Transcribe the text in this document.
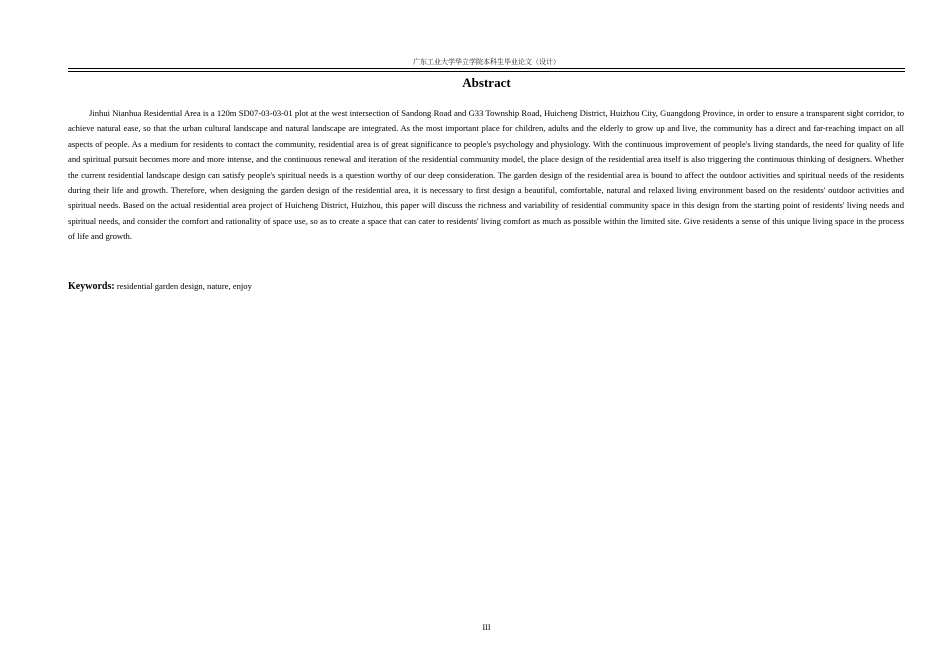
广东工业大学华立学院本科生毕业论文（设计）
Abstract

Jinhui Nianhua Residential Area is a 120m SD07-03-03-01 plot at the west intersection of Sandong Road and G33 Township Road, Huicheng District, Huizhou City, Guangdong Province, in order to ensure a transparent sight corridor, to achieve natural ease, so that the urban cultural landscape and natural landscape are integrated. As the most important place for children, adults and the elderly to grow up and live, the community has a direct and far-reaching impact on all aspects of people. As a medium for residents to contact the community, residential area is of great significance to people's psychology and physiology. With the continuous improvement of people's living standards, the need for quality of life and spiritual pursuit becomes more and more intense, and the continuous renewal and iteration of the residential community model, the place design of the residential area itself is also triggering the continuous thinking of designers. Whether the current residential landscape design can satisfy people's spiritual needs is a question worthy of our deep consideration. The garden design of the residential area is bound to affect the outdoor activities and spiritual needs of the residents during their life and growth. Therefore, when designing the garden design of the residential area, it is necessary to first design a beautiful, comfortable, natural and relaxed living environment based on the residents' outdoor activities and spiritual needs. Based on the actual residential area project of Huicheng District, Huizhou, this paper will discuss the richness and variability of residential community space in this design from the starting point of residents' living needs and spiritual needs, and consider the comfort and rationality of space use, so as to create a space that can cater to residents' living comfort as much as possible within the limited site. Give residents a sense of this unique living space in the process of life and growth.

Keywords: residential garden design, nature, enjoy
III
